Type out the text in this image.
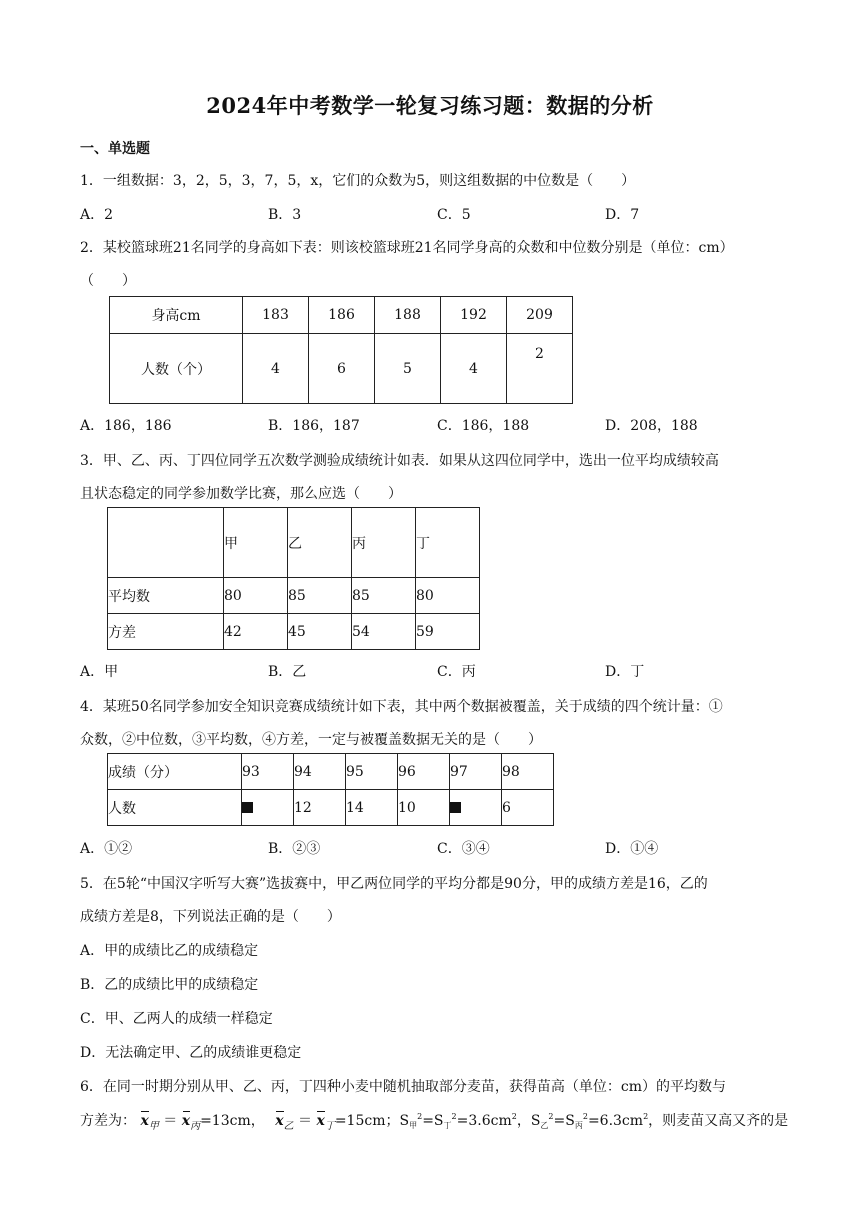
2024年中考数学一轮复习练习题：数据的分析
一、单选题
1．一组数据：3，2，5，3，7，5，x，它们的众数为5，则这组数据的中位数是（　　）
A．2	B．3	C．5	D．7
2．某校篮球班21名同学的身高如下表：则该校篮球班21名同学身高的众数和中位数分别是（单位：cm）
（　　）
身高cm	183	186	188	192	209
人数（个）	4	6	5	4	2
A．186，186	B．186，187	C．186，188	D．208，188
3．甲、乙、丙、丁四位同学五次数学测验成绩统计如表．如果从这四位同学中，选出一位平均成绩较高
且状态稳定的同学参加数学比赛，那么应选（　　）
	甲	乙	丙	丁
平均数	80	85	85	80
方差	42	45	54	59
A．甲	B．乙	C．丙	D．丁
4．某班50名同学参加安全知识竞赛成绩统计如下表，其中两个数据被覆盖，关于成绩的四个统计量：①
众数，②中位数，③平均数，④方差，一定与被覆盖数据无关的是（　　）
成绩（分）	93	94	95	96	97	98
人数		12	14	10		6
A．①②	B．②③	C．③④	D．①④
5．在5轮“中国汉字听写大赛”选拔赛中，甲乙两位同学的平均分都是90分，甲的成绩方差是16，乙的
成绩方差是8，下列说法正确的是（　　）
A．甲的成绩比乙的成绩稳定
B．乙的成绩比甲的成绩稳定
C．甲、乙两人的成绩一样稳定
D．无法确定甲、乙的成绩谁更稳定
6．在同一时期分别从甲、乙、丙，丁四种小麦中随机抽取部分麦苗，获得苗高（单位：cm）的平均数与
方差为： $x_甲 = x_丙=13cm$， $x_乙 = x_丁=15cm$；$S_甲^2=S_丁^2=3.6cm^2$，$S_乙^2=S_丙^2=6.3cm^2$，则麦苗又高又齐的是
